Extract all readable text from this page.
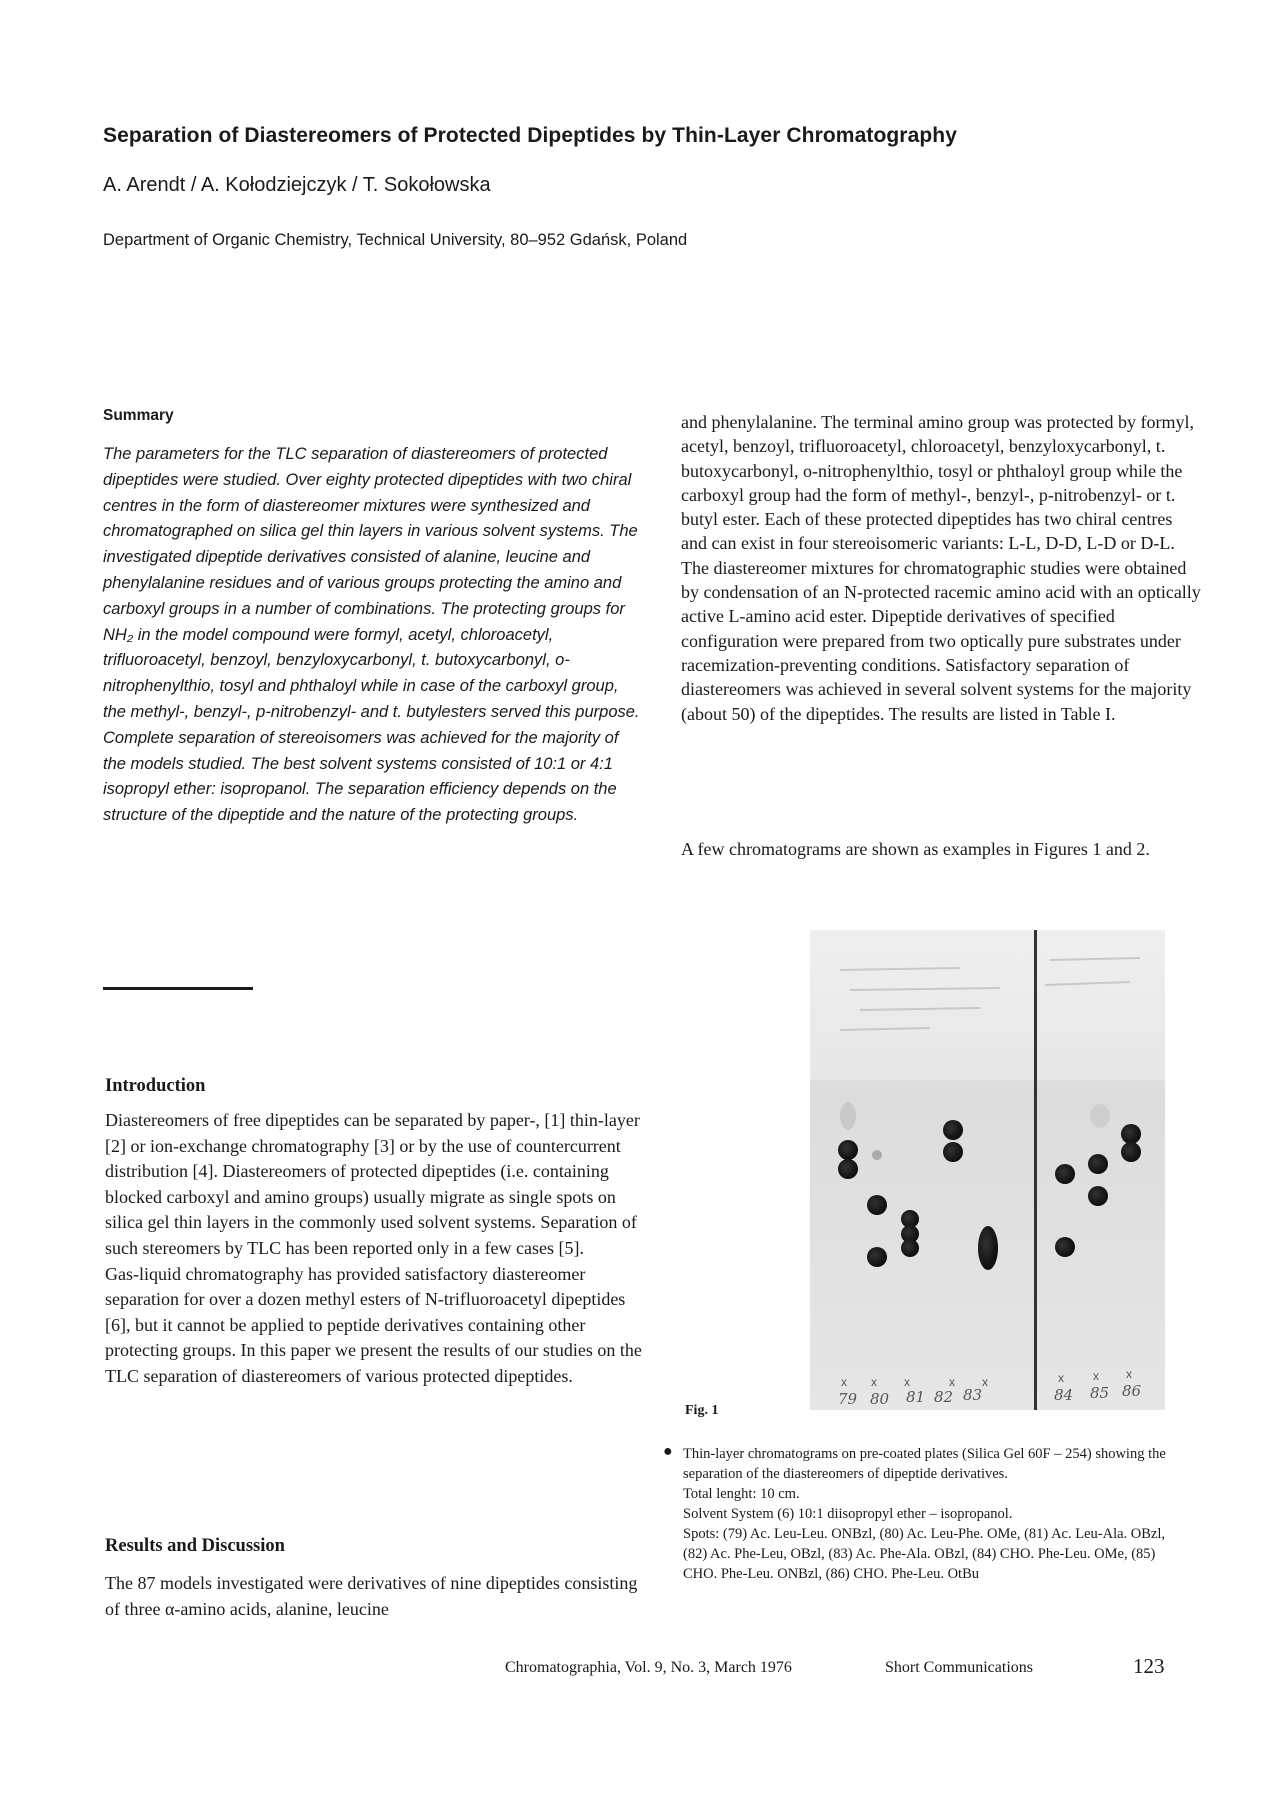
Separation of Diastereomers of Protected Dipeptides by Thin-Layer Chromatography
A. Arendt / A. Kołodziejczyk / T. Sokołowska
Department of Organic Chemistry, Technical University, 80–952 Gdańsk, Poland
Summary

The parameters for the TLC separation of diastereomers of protected dipeptides were studied. Over eighty protected dipeptides with two chiral centres in the form of diastereomer mixtures were synthesized and chromatographed on silica gel thin layers in various solvent systems. The investigated dipeptide derivatives consisted of alanine, leucine and phenylalanine residues and of various groups protecting the amino and carboxyl groups in a number of combinations. The protecting groups for NH₂ in the model compound were formyl, acetyl, chloroacetyl, trifluoroacetyl, benzoyl, benzyloxycarbonyl, t. butoxycarbonyl, o-nitrophenylthio, tosyl and phthaloyl while in case of the carboxyl group, the methyl-, benzyl-, p-nitrobenzyl- and t. butylesters served this purpose. Complete separation of stereoisomers was achieved for the majority of the models studied. The best solvent systems consisted of 10:1 or 4:1 isopropyl ether: isopropanol. The separation efficiency depends on the structure of the dipeptide and the nature of the protecting groups.

Introduction

Diastereomers of free dipeptides can be separated by paper-, [1] thin-layer [2] or ion-exchange chromatography [3] or by the use of countercurrent distribution [4]. Diastereomers of protected dipeptides (i.e. containing blocked carboxyl and amino groups) usually migrate as single spots on silica gel thin layers in the commonly used solvent systems. Separation of such stereomers by TLC has been reported only in a few cases [5].

Gas-liquid chromatography has provided satisfactory diastereomer separation for over a dozen methyl esters of N-trifluoroacetyl dipeptides [6], but it cannot be applied to peptide derivatives containing other protecting groups. In this paper we present the results of our studies on the TLC separation of diastereomers of various protected dipeptides.

Results and Discussion

The 87 models investigated were derivatives of nine dipeptides consisting of three α-amino acids, alanine, leucine

and phenylalanine. The terminal amino group was protected by formyl, acetyl, benzoyl, trifluoroacetyl, chloroacetyl, benzyloxycarbonyl, t. butoxycarbonyl, o-nitrophenylthio, tosyl or phthaloyl group while the carboxyl group had the form of methyl-, benzyl-, p-nitrobenzyl- or t. butyl ester. Each of these protected dipeptides has two chiral centres and can exist in four stereoisomeric variants: L-L, D-D, L-D or D-L. The diastereomer mixtures for chromatographic studies were obtained by condensation of an N-protected racemic amino acid with an optically active L-amino acid ester. Dipeptide derivatives of specified configuration were prepared from two optically pure substrates under racemization-preventing conditions. Satisfactory separation of diastereomers was achieved in several solvent systems for the majority (about 50) of the dipeptides. The results are listed in Table I.

A few chromatograms are shown as examples in Figures 1 and 2.

x x x	x x	x x x
79 80 81 82 83	84 85 86
Fig. 1
● Thin-layer chromatograms on pre-coated plates (Silica Gel 60F – 254) showing the separation of the diastereomers of dipeptide derivatives.
Total lenght: 10 cm.
Solvent System (6) 10:1 diisopropyl ether – isopropanol.
Spots: (79) Ac. Leu-Leu. ONBzl, (80) Ac. Leu-Phe. OMe, (81) Ac. Leu-Ala. OBzl, (82) Ac. Phe-Leu, OBzl, (83) Ac. Phe-Ala. OBzl, (84) CHO. Phe-Leu. OMe, (85) CHO. Phe-Leu. ONBzl, (86) CHO. Phe-Leu. OtBu
Chromatographia, Vol. 9, No. 3, March 1976	Short Communications	123
